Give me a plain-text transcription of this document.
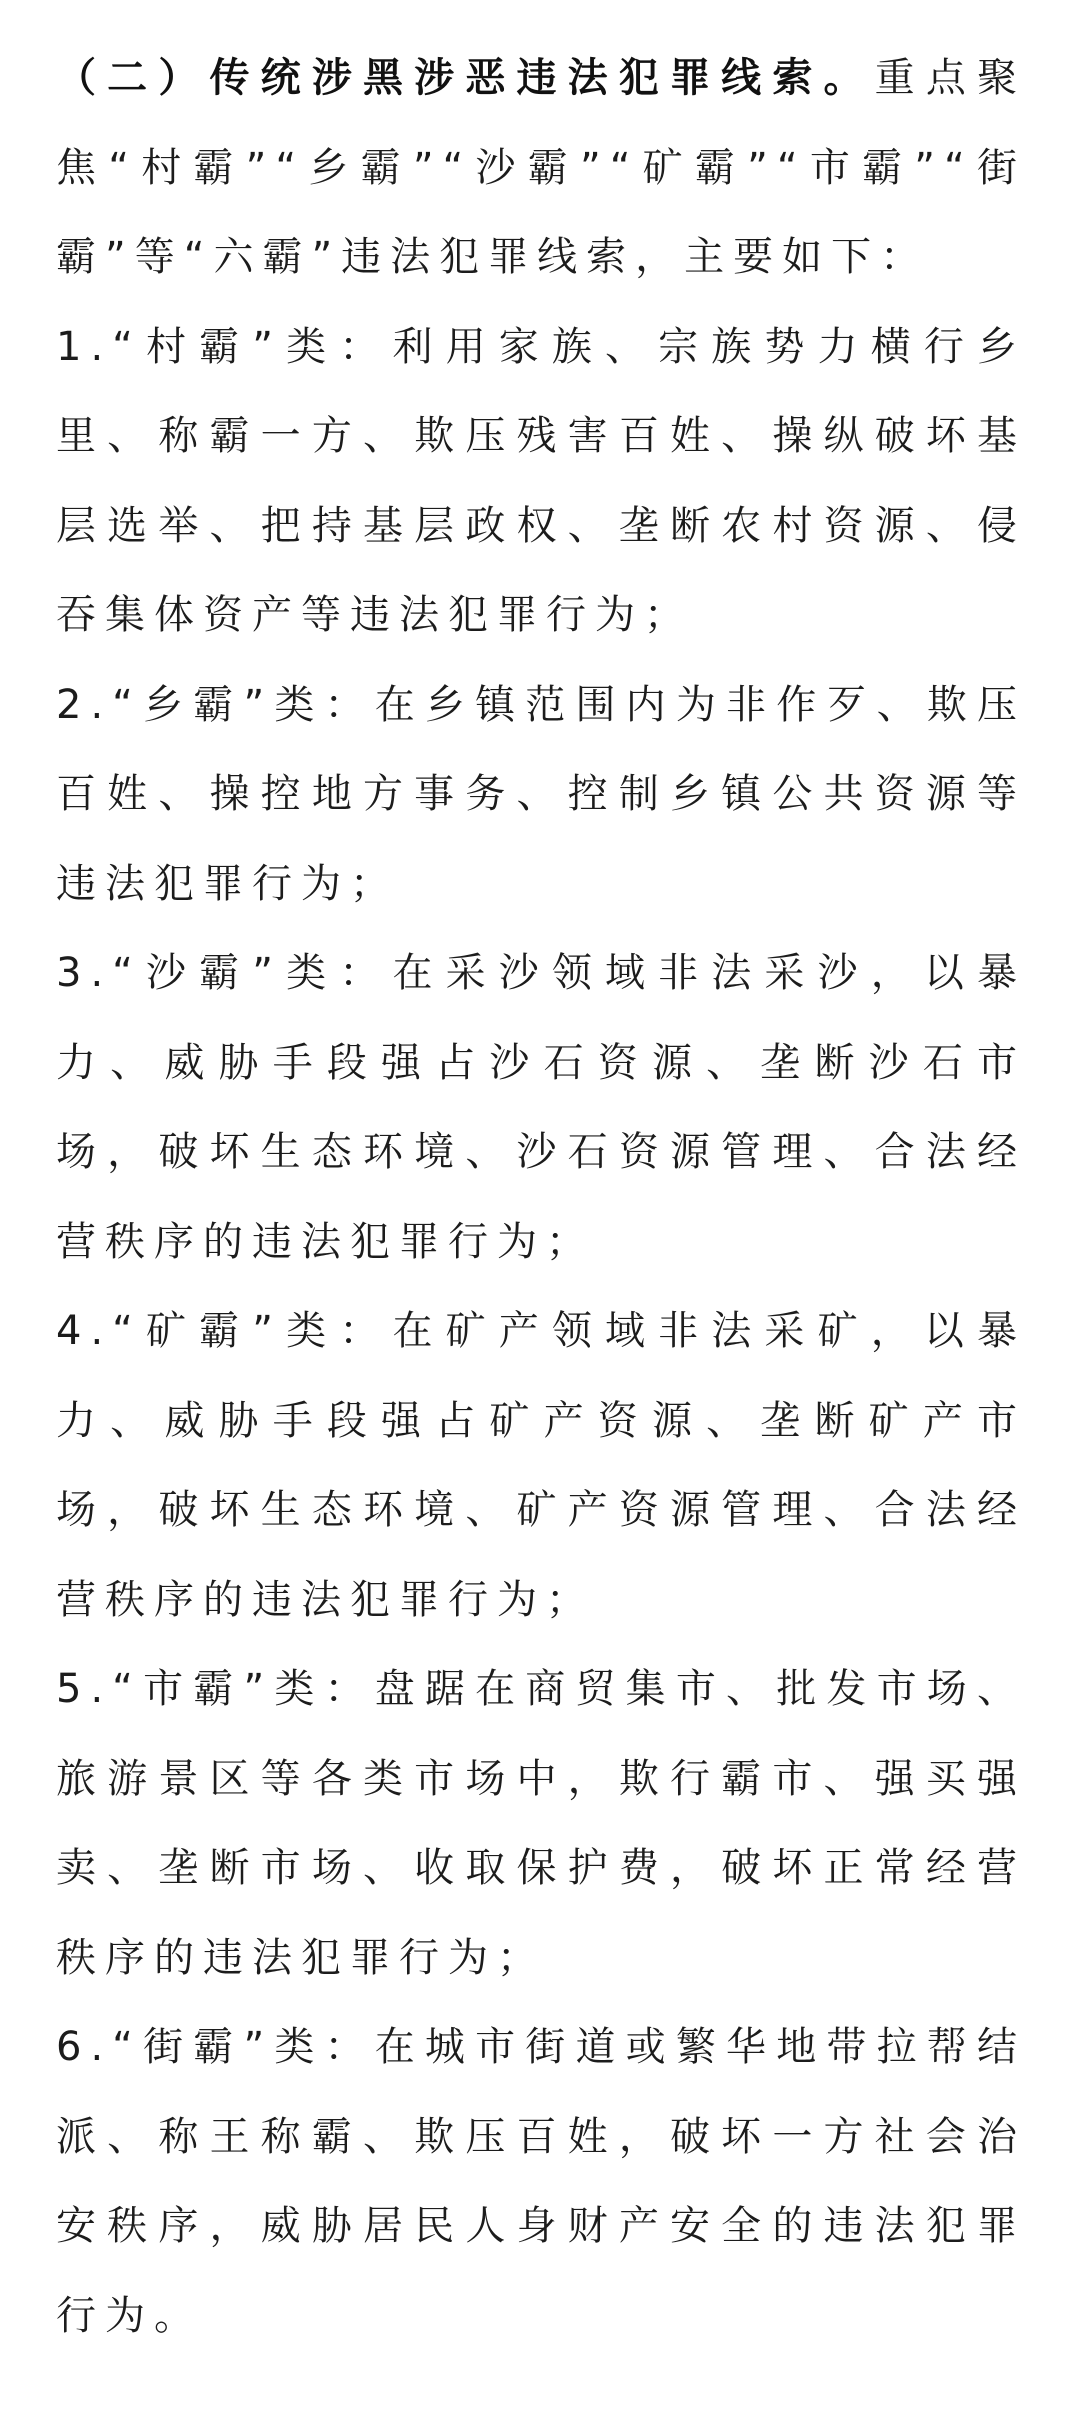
（二）传统涉黑涉恶违法犯罪线索。重点聚焦“村霸”“乡霸”“沙霸”“矿霸”“市霸”“街霸”等“六霸”违法犯罪线索，主要如下：

1.“村霸”类：利用家族、宗族势力横行乡里、称霸一方、欺压残害百姓、操纵破坏基层选举、把持基层政权、垄断农村资源、侵吞集体资产等违法犯罪行为；

2.“乡霸”类：在乡镇范围内为非作歹、欺压百姓、操控地方事务、控制乡镇公共资源等违法犯罪行为；

3.“沙霸”类：在采沙领域非法采沙，以暴力、威胁手段强占沙石资源、垄断沙石市场，破坏生态环境、沙石资源管理、合法经营秩序的违法犯罪行为；

4.“矿霸”类：在矿产领域非法采矿，以暴力、威胁手段强占矿产资源、垄断矿产市场，破坏生态环境、矿产资源管理、合法经营秩序的违法犯罪行为；

5.“市霸”类：盘踞在商贸集市、批发市场、旅游景区等各类市场中，欺行霸市、强买强卖、垄断市场、收取保护费，破坏正常经营秩序的违法犯罪行为；

6.“街霸”类：在城市街道或繁华地带拉帮结派、称王称霸、欺压百姓，破坏一方社会治安秩序，威胁居民人身财产安全的违法犯罪行为。
